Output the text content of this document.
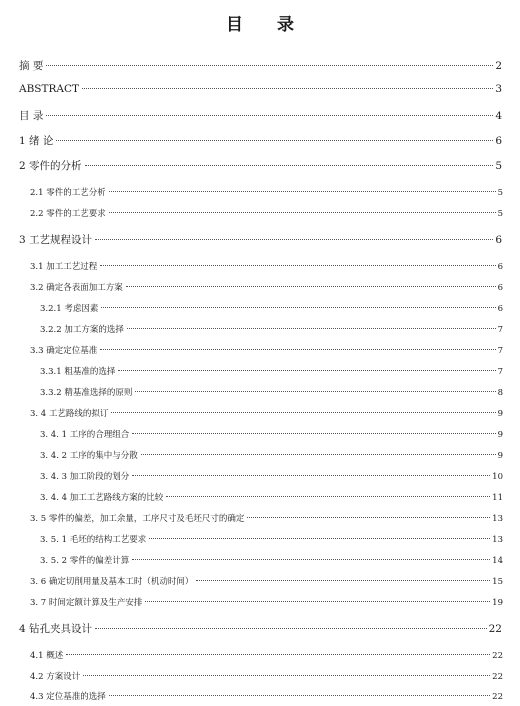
目 录
摘 要	2
ABSTRACT	3
目 录	4
1 绪 论	6
2 零件的分析	5
2.1 零件的工艺分析	5
2.2 零件的工艺要求	5
3 工艺规程设计	6
3.1 加工工艺过程	6
3.2 确定各表面加工方案	6
3.2.1 考虑因素	6
3.2.2 加工方案的选择	7
3.3 确定定位基准	7
3.3.1 粗基准的选择	7
3.3.2 精基准选择的原则	8
3. 4 工艺路线的拟订	9
3. 4. 1 工序的合理组合	9
3. 4. 2 工序的集中与分散	9
3. 4. 3 加工阶段的划分	10
3. 4. 4 加工工艺路线方案的比较	11
3. 5 零件的偏差，加工余量，工序尺寸及毛坯尺寸的确定	13
3. 5. 1 毛坯的结构工艺要求	13
3. 5. 2 零件的偏差计算	14
3. 6 确定切削用量及基本工时（机动时间）	15
3. 7 时间定额计算及生产安排	19
4 钻孔夹具设计	22
4.1 概述	22
4.2 方案设计	22
4.3 定位基准的选择	22
